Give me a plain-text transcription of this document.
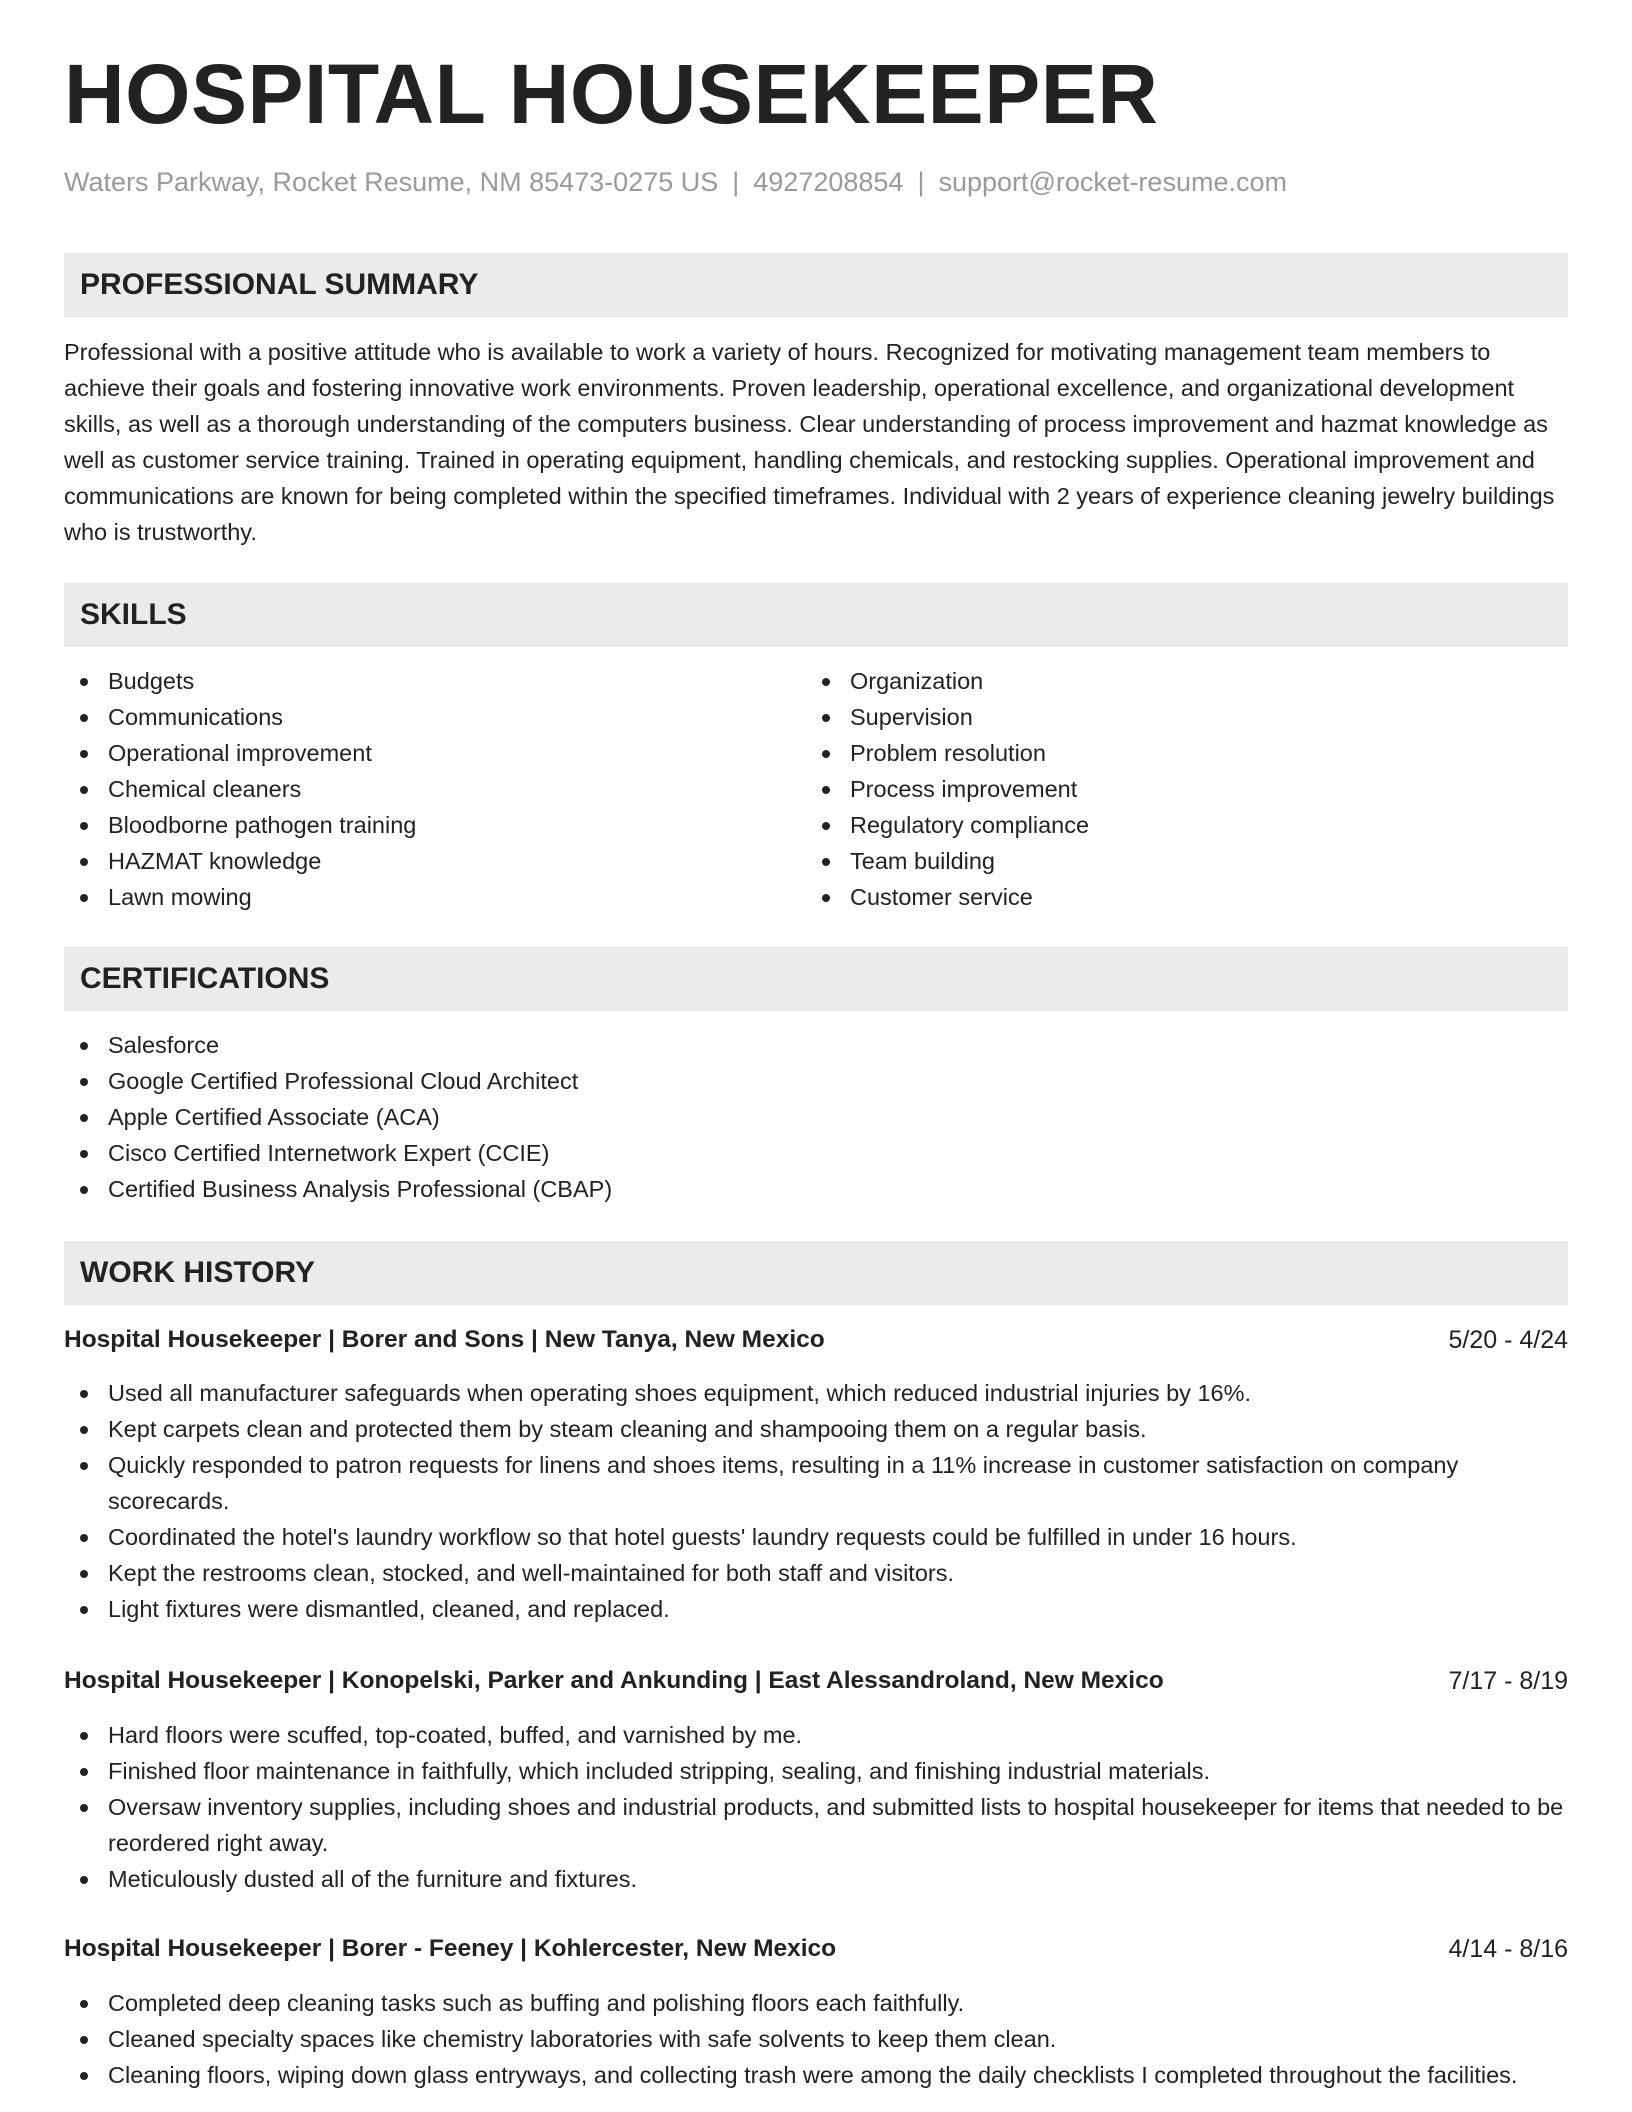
HOSPITAL HOUSEKEEPER
Waters Parkway, Rocket Resume, NM 85473-0275 US | 4927208854 | support@rocket-resume.com
PROFESSIONAL SUMMARY

Professional with a positive attitude who is available to work a variety of hours. Recognized for motivating management team members to achieve their goals and fostering innovative work environments. Proven leadership, operational excellence, and organizational development skills, as well as a thorough understanding of the computers business. Clear understanding of process improvement and hazmat knowledge as well as customer service training. Trained in operating equipment, handling chemicals, and restocking supplies. Operational improvement and communications are known for being completed within the specified timeframes. Individual with 2 years of experience cleaning jewelry buildings who is trustworthy.

SKILLS
Budgets
Communications
Operational improvement
Chemical cleaners
Bloodborne pathogen training
HAZMAT knowledge
Lawn mowing
Organization
Supervision
Problem resolution
Process improvement
Regulatory compliance
Team building
Customer service
CERTIFICATIONS
Salesforce
Google Certified Professional Cloud Architect
Apple Certified Associate (ACA)
Cisco Certified Internetwork Expert (CCIE)
Certified Business Analysis Professional (CBAP)
WORK HISTORY
Hospital Housekeeper | Borer and Sons | New Tanya, New Mexico	5/20 - 4/24
Used all manufacturer safeguards when operating shoes equipment, which reduced industrial injuries by 16%.
Kept carpets clean and protected them by steam cleaning and shampooing them on a regular basis.
Quickly responded to patron requests for linens and shoes items, resulting in a 11% increase in customer satisfaction on company scorecards.
Coordinated the hotel's laundry workflow so that hotel guests' laundry requests could be fulfilled in under 16 hours.
Kept the restrooms clean, stocked, and well-maintained for both staff and visitors.
Light fixtures were dismantled, cleaned, and replaced.
Hospital Housekeeper | Konopelski, Parker and Ankunding | East Alessandroland, New Mexico	7/17 - 8/19
Hard floors were scuffed, top-coated, buffed, and varnished by me.
Finished floor maintenance in faithfully, which included stripping, sealing, and finishing industrial materials.
Oversaw inventory supplies, including shoes and industrial products, and submitted lists to hospital housekeeper for items that needed to be reordered right away.
Meticulously dusted all of the furniture and fixtures.
Hospital Housekeeper | Borer - Feeney | Kohlercester, New Mexico	4/14 - 8/16
Completed deep cleaning tasks such as buffing and polishing floors each faithfully.
Cleaned specialty spaces like chemistry laboratories with safe solvents to keep them clean.
Cleaning floors, wiping down glass entryways, and collecting trash were among the daily checklists I completed throughout the facilities.
